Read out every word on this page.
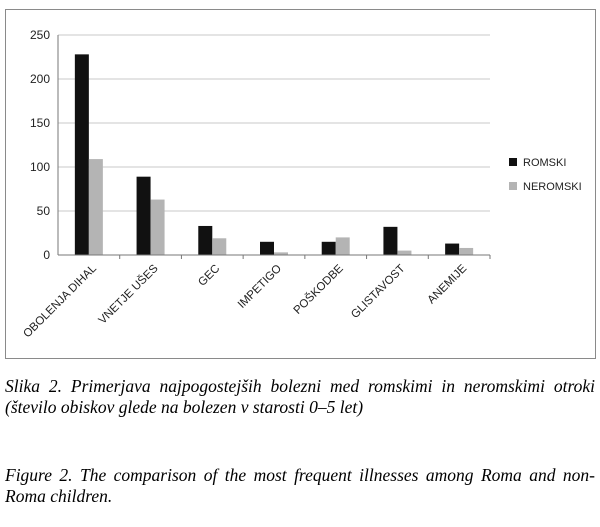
0
50
100
150
200
250
OBOLENJA DIHAL
VNETJE UŠES	GEC IMPETIGO POŠKODBE GLISTAVOST ANEMIJE
ROMSKI
NEROMSKI
Slika 2. Primerjava najpogostejših bolezni med romskimi in neromskimi otroki (število obiskov glede na bolezen v starosti 0–5 let)
Figure 2. The comparison of the most frequent illnesses among Roma and non-Roma children.
